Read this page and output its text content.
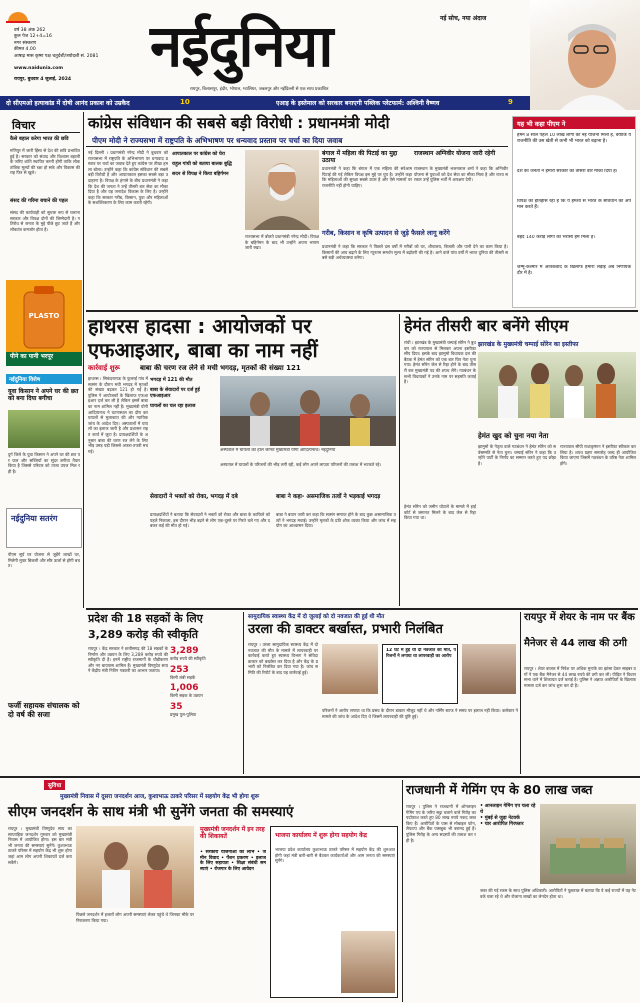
वर्ष 38 अंक 262
कुल पेज 12+4=16
नगर संस्करण
कीमत 4.00
आषाढ़ मास कृष्ण पक्ष चतुर्दशी/त्रयोदशी सं. 2081
www.naidunia.com
रायपुर, बुधवार 4 जुलाई, 2024 नईदुनिया	नई सोच, नया अंदाज
रायपुर, बिलासपुर, इंदौर, भोपाल, ग्वालियर, जबलपुर और नईदिल्ली से एक साथ प्रकाशित
दो सीएमओ हत्याकांड में दोषी आनंद प्रकाश को उम्रकैद	10	एआइ के इस्तेमाल को सरकार बनाएगी पब्लिक प्लेटफार्म: अश्विनी वैष्णव	9
विचार
कैसे बहाल करेगा भारत की छवि
मणिपुर में जारी हिंसा से देश की छवि प्रभावित हुई है। सरकार को संवाद और विश्वास बहाली के जरिए शांति स्थापित करनी होगी ताकि लोकतांत्रिक मूल्यों की रक्षा हो सके और विकास की राह फिर से खुले।
संसद की गरिमा बचाने की पहल
संसद की कार्यवाही को सुचारु रूप से चलाना सरकार और विपक्ष दोनों की जिम्मेदारी है। गतिरोध से जनता के मुद्दे पीछे छूट जाते हैं और लोकतंत्र कमजोर होता है।
PLASTO
पीने का पानी भरपूर
नईदुनिया विशेष
युवा किसान ने अपने घर की छत को बना दिया बगीचा
दुर्ग जिले के युवा किसान ने अपने घर की छत पर फल और सब्जियों का सुंदर बगीचा तैयार किया है जिससे परिवार को ताजा उपज मिल रही है।
नईदुनिया सतरंग
पीएम सूर्य घर योजना से जुड़ेंगे लाखों घर, मिलेगी मुफ्त बिजली और सौर ऊर्जा से होगी बचत।
फर्जी सहायक संचालक को दो वर्ष की सजा
कांग्रेस संविधान की सबसे बड़ी विरोधी : प्रधानमंत्री मोदी
पीएम मोदी ने राज्यसभा में राष्ट्रपति के अभिभाषण पर धन्यवाद प्रस्ताव पर चर्चा का दिया जवाब
नई दिल्ली । प्रधानमंत्री नरेन्द्र मोदी ने बुधवार को राज्यसभा में राष्ट्रपति के अभिभाषण पर धन्यवाद प्रस्ताव पर चर्चा का जवाब देते हुए कांग्रेस पर तीखा हमला बोला। उन्होंने कहा कि कांग्रेस संविधान की सबसे बड़ी विरोधी है और आपातकाल इसका सबसे बड़ा उदाहरण है। विपक्ष के हंगामे के बीच प्रधानमंत्री ने कहा कि देश की जनता ने उन्हें तीसरी बार सेवा का मौका दिया है और यह जनादेश विकास के लिए है। उन्होंने कहा कि सरकार गरीब, किसान, युवा और महिलाओं के सशक्तिकरण के लिए काम करती रहेगी।
आपातकाल पर कांग्रेस को घेरा
राहुल गांधी को बताया बालक बुद्धि
सदन से विपक्ष ने किया बहिर्गमन
बंगाल में महिला की पिटाई का मुद्दा उठाया
प्रधानमंत्री ने कहा कि बंगाल में एक महिला की सरेआम पिटाई की गई लेकिन विपक्ष इस मुद्दे पर चुप है। उन्होंने कहा कि महिलाओं की सुरक्षा सबसे ऊपर है और ऐसे मामलों पर राजनीति नहीं होनी चाहिए।
राजस्थान अग्निवीर योजना जारी रहेगी
राजस्थान के मुख्यमंत्री भजनलाल शर्मा ने कहा कि अग्निवीर योजना से युवाओं को देश सेवा का मौका मिला है और राज्य सरकार उन्हें पुलिस भर्ती में आरक्षण देगी।
गरीब, किसान व कृषि उत्पादन से जुड़े फैसले लागू करेंगे
प्रधानमंत्री ने कहा कि सरकार ने पिछले दस वर्षों में गरीबों को घर, शौचालय, बिजली और पानी देने का काम किया है। किसानों की आय बढ़ाने के लिए न्यूनतम समर्थन मूल्य में बढ़ोतरी की गई है। आने वाले पांच वर्षों में भारत दुनिया की तीसरी सबसे बड़ी अर्थव्यवस्था बनेगा।
राज्यसभा में बोलते प्रधानमंत्री नरेन्द्र मोदी। विपक्ष के बहिर्गमन के बाद भी उन्होंने अपना भाषण जारी रखा।
यह भी कहा पीएम ने
हमने 8 साल पहले 10 लाख लोगों को नई योजना मिली है, क्योंकि ये राजनीति की उस खेती से कभी भी भारत को बढ़ाना है।
देश की जनता ने हमारी सरकार को तीसरी बार मौका दिया है।
विपक्ष का इतिहास रहा है कि ये हमेशा से भारत के संविधान का अपमान करते हैं।
बेहद 140 करोड़ लोगों का भरोसा हमें मिला है।
जम्मू-कश्मीर में आतंकवाद के खिलाफ हमारी लड़ाई अब निर्णायक दौर में है।
हाथरस हादसा : आयोजकों पर
एफआइआर, बाबा का नाम नहीं
कार्रवाई शुरू	बाबा की चरण रज लेने से मची भगदड़, मृतकों की संख्या 121
हाथरस । सिकंदराराऊ के फुलरई गांव में सत्संग के दौरान मची भगदड़ में मृतकों की संख्या बढ़कर 121 हो गई है। पुलिस ने आयोजकों के खिलाफ एफआइआर दर्ज कर ली है लेकिन इसमें बाबा का नाम शामिल नहीं है। मुख्यमंत्री योगी आदित्यनाथ ने घटनास्थल का दौरा कर घायलों से मुलाकात की और न्यायिक जांच के आदेश दिए। अस्पतालों में घायलों का इलाज जारी है और प्रशासन राहत कार्य में जुटा है। प्रत्यक्षदर्शियों के अनुसार बाबा की चरण रज लेने के लिए भीड़ उमड़ पड़ी जिससे अफरा-तफरी मच गई।
भगदड़ में 121 की मौत
बाबा के सेवादारों पर दर्ज हुई एफआइआर
घायलों का चल रहा इलाज
अस्पताल में घायलों का हाल जानते मुख्यमंत्री योगी आदित्यनाथ। नईदुनिया
अस्पताल में घायलों के परिजनों की भीड़ लगी रही, कई लोग अपने लापता परिजनों की तलाश में भटकते रहे।
सेवादारों ने भक्तों को रोका, भगदड़ में दबे
प्रत्यक्षदर्शियों ने बताया कि सेवादारों ने भक्तों को रोका और बाबा के काफिले को पहले निकाला, इस दौरान भीड़ बढ़ने से लोग एक-दूसरे पर गिरते चले गए और दबकर कई की मौत हो गई।
बाबा ने कहा- असमाजिक तत्वों ने भड़काई भगदड़
बाबा ने बयान जारी कर कहा कि सत्संग समाप्त होने के बाद कुछ असामाजिक तत्वों ने भगदड़ मचाई। उन्होंने मृतकों के प्रति शोक व्यक्त किया और जांच में सहयोग का आश्वासन दिया।
हेमंत तीसरी बार बनेंगे सीएम
रांची । झारखंड के मुख्यमंत्री चम्पाई सोरेन ने बुधवार को राज्यपाल से मिलकर अपना इस्तीफा सौंप दिया। इसके बाद झामुमो विधायक दल की बैठक में हेमंत सोरेन को एक बार फिर नेता चुना गया। हेमंत सोरेन जेल से रिहा होने के बाद तीसरी बार मुख्यमंत्री पद की शपथ लेंगे। गठबंधन के सभी विधायकों ने उनके नाम पर सहमति जताई है।
झारखंड के मुख्यमंत्री चम्पाई सोरेन का इस्तीफा
हेमंत खुद को चुना नया नेता
झामुमो के नेतृत्व वाले गठबंधन ने हेमंत सोरेन को सर्वसम्मति से नेता चुना। चम्पाई सोरेन ने कहा कि उन्होंने पार्टी के निर्णय का सम्मान करते हुए पद छोड़ा है।
राज्यपाल सीपी राधाकृष्णन ने इस्तीफा स्वीकार कर लिया है। शपथ ग्रहण समारोह जल्द ही आयोजित किया जाएगा जिसमें गठबंधन के वरिष्ठ नेता शामिल होंगे।
हेमंत सोरेन को जमीन घोटाले के मामले में हाई कोर्ट से जमानत मिलने के बाद जेल से रिहा किया गया था।
प्रदेश की 18 सड़कों के लिए
3,289 करोड़ की स्वीकृति
रायपुर । केंद्र सरकार ने छत्तीसगढ़ की 18 सड़कों के निर्माण और उन्नयन के लिए 3,289 करोड़ रुपये की स्वीकृति दी है। इनमें राष्ट्रीय राजमार्गों के चौड़ीकरण और नए बायपास शामिल हैं। मुख्यमंत्री विष्णुदेव साय ने केंद्रीय मंत्री नितिन गडकरी का आभार जताया।
3,289
करोड़ रुपये की स्वीकृति
253
किमी लंबी सड़कें
1,006
किमी सड़क के उन्नयन
35
प्रमुख पुल-पुलिया
सामुदायिक स्वास्थ्य केंद्र में दो जुलाई को दो नवजात की हुई थी मौत
उरला की डाक्टर बर्खास्त, प्रभारी निलंबित
रायपुर । उरला सामुदायिक स्वास्थ्य केंद्र में दो नवजात की मौत के मामले में लापरवाही पर कार्रवाई करते हुए स्वास्थ्य विभाग ने संविदा डाक्टर को बर्खास्त कर दिया है और केंद्र के प्रभारी को निलंबित कर दिया गया है। जांच समिति की रिपोर्ट के बाद यह कार्रवाई हुई।
12 घंटे में हुई थी दो नवजात की मौत, परिजनों ने लगाया था लापरवाही का आरोप
परिजनों ने आरोप लगाया था कि प्रसव के दौरान डाक्टर मौजूद नहीं थे और नर्सिंग स्टाफ ने समय पर इलाज नहीं किया। कलेक्टर ने मामले की जांच के आदेश दिए थे जिसमें लापरवाही की पुष्टि हुई।
रायपुर में शेयर के नाम पर बैंक
मैनेजर से 44 लाख की ठगी
रायपुर । शेयर बाजार में निवेश पर अधिक मुनाफे का झांसा देकर साइबर ठगों ने एक बैंक मैनेजर से 44 लाख रुपये की ठगी कर ली। पीड़ित ने विधानसभा थाने में शिकायत दर्ज कराई है। पुलिस ने अज्ञात आरोपितों के खिलाफ मामला दर्ज कर जांच शुरू कर दी है।
सुविधा
मुख्यमंत्री निवास में दूसरा जनदर्शन आज, कुशाभाऊ ठाकरे परिसर में सहयोग केंद्र भी होगा शुरू
सीएम जनदर्शन के साथ मंत्री भी सुनेंगे जनता की समस्याएं
रायपुर । मुख्यमंत्री विष्णुदेव साय का साप्ताहिक जनदर्शन गुरुवार को मुख्यमंत्री निवास में आयोजित होगा। इस बार मंत्री भी जनता की समस्याएं सुनेंगे। कुशाभाऊ ठाकरे परिसर में सहयोग केंद्र भी शुरू होगा जहां आम लोग अपनी शिकायतें दर्ज करा सकेंगे।
पिछले जनदर्शन में हजारों लोग अपनी समस्याएं लेकर पहुंचे थे जिनका मौके पर निराकरण किया गया।
मुख्यमंत्री जनदर्शन में इन तरह की शिकायतें
• सरकारी योजनाओं का लाभ • जमीन विवाद • पेंशन प्रकरण • इलाज के लिए सहायता • शिक्षा संबंधी समस्याएं • रोजगार के लिए आवेदन
भाजपा कार्यालय में शुरू होगा सहयोग केंद्र
भाजपा प्रदेश कार्यालय कुशाभाऊ ठाकरे परिसर में सहयोग केंद्र की शुरुआत होगी जहां मंत्री बारी-बारी से बैठकर कार्यकर्ताओं और आम जनता की समस्याएं सुनेंगे।
राजधानी में गेमिंग एप के 80 लाख जब्त
रायपुर । पुलिस ने राजधानी में ऑनलाइन गेमिंग एप के जरिए सट्टा चलाने वाले गिरोह का पर्दाफाश करते हुए 80 लाख रुपये नकद जब्त किए हैं। आरोपितों के पास से मोबाइल फोन, लैपटाप और बैंक पासबुक भी बरामद हुई हैं। पुलिस गिरोह के अन्य सदस्यों की तलाश कर रही है।
• आनलाइन गेमिंग एप चला रहे थे
• मुंबई से जुड़ा नेटवर्क
• चार आरोपित गिरफ्तार
जब्त की गई रकम के साथ पुलिस अधिकारी। आरोपितों ने पूछताछ में बताया कि वे कई राज्यों में यह नेटवर्क चला रहे थे और रोजाना लाखों का लेनदेन होता था।
